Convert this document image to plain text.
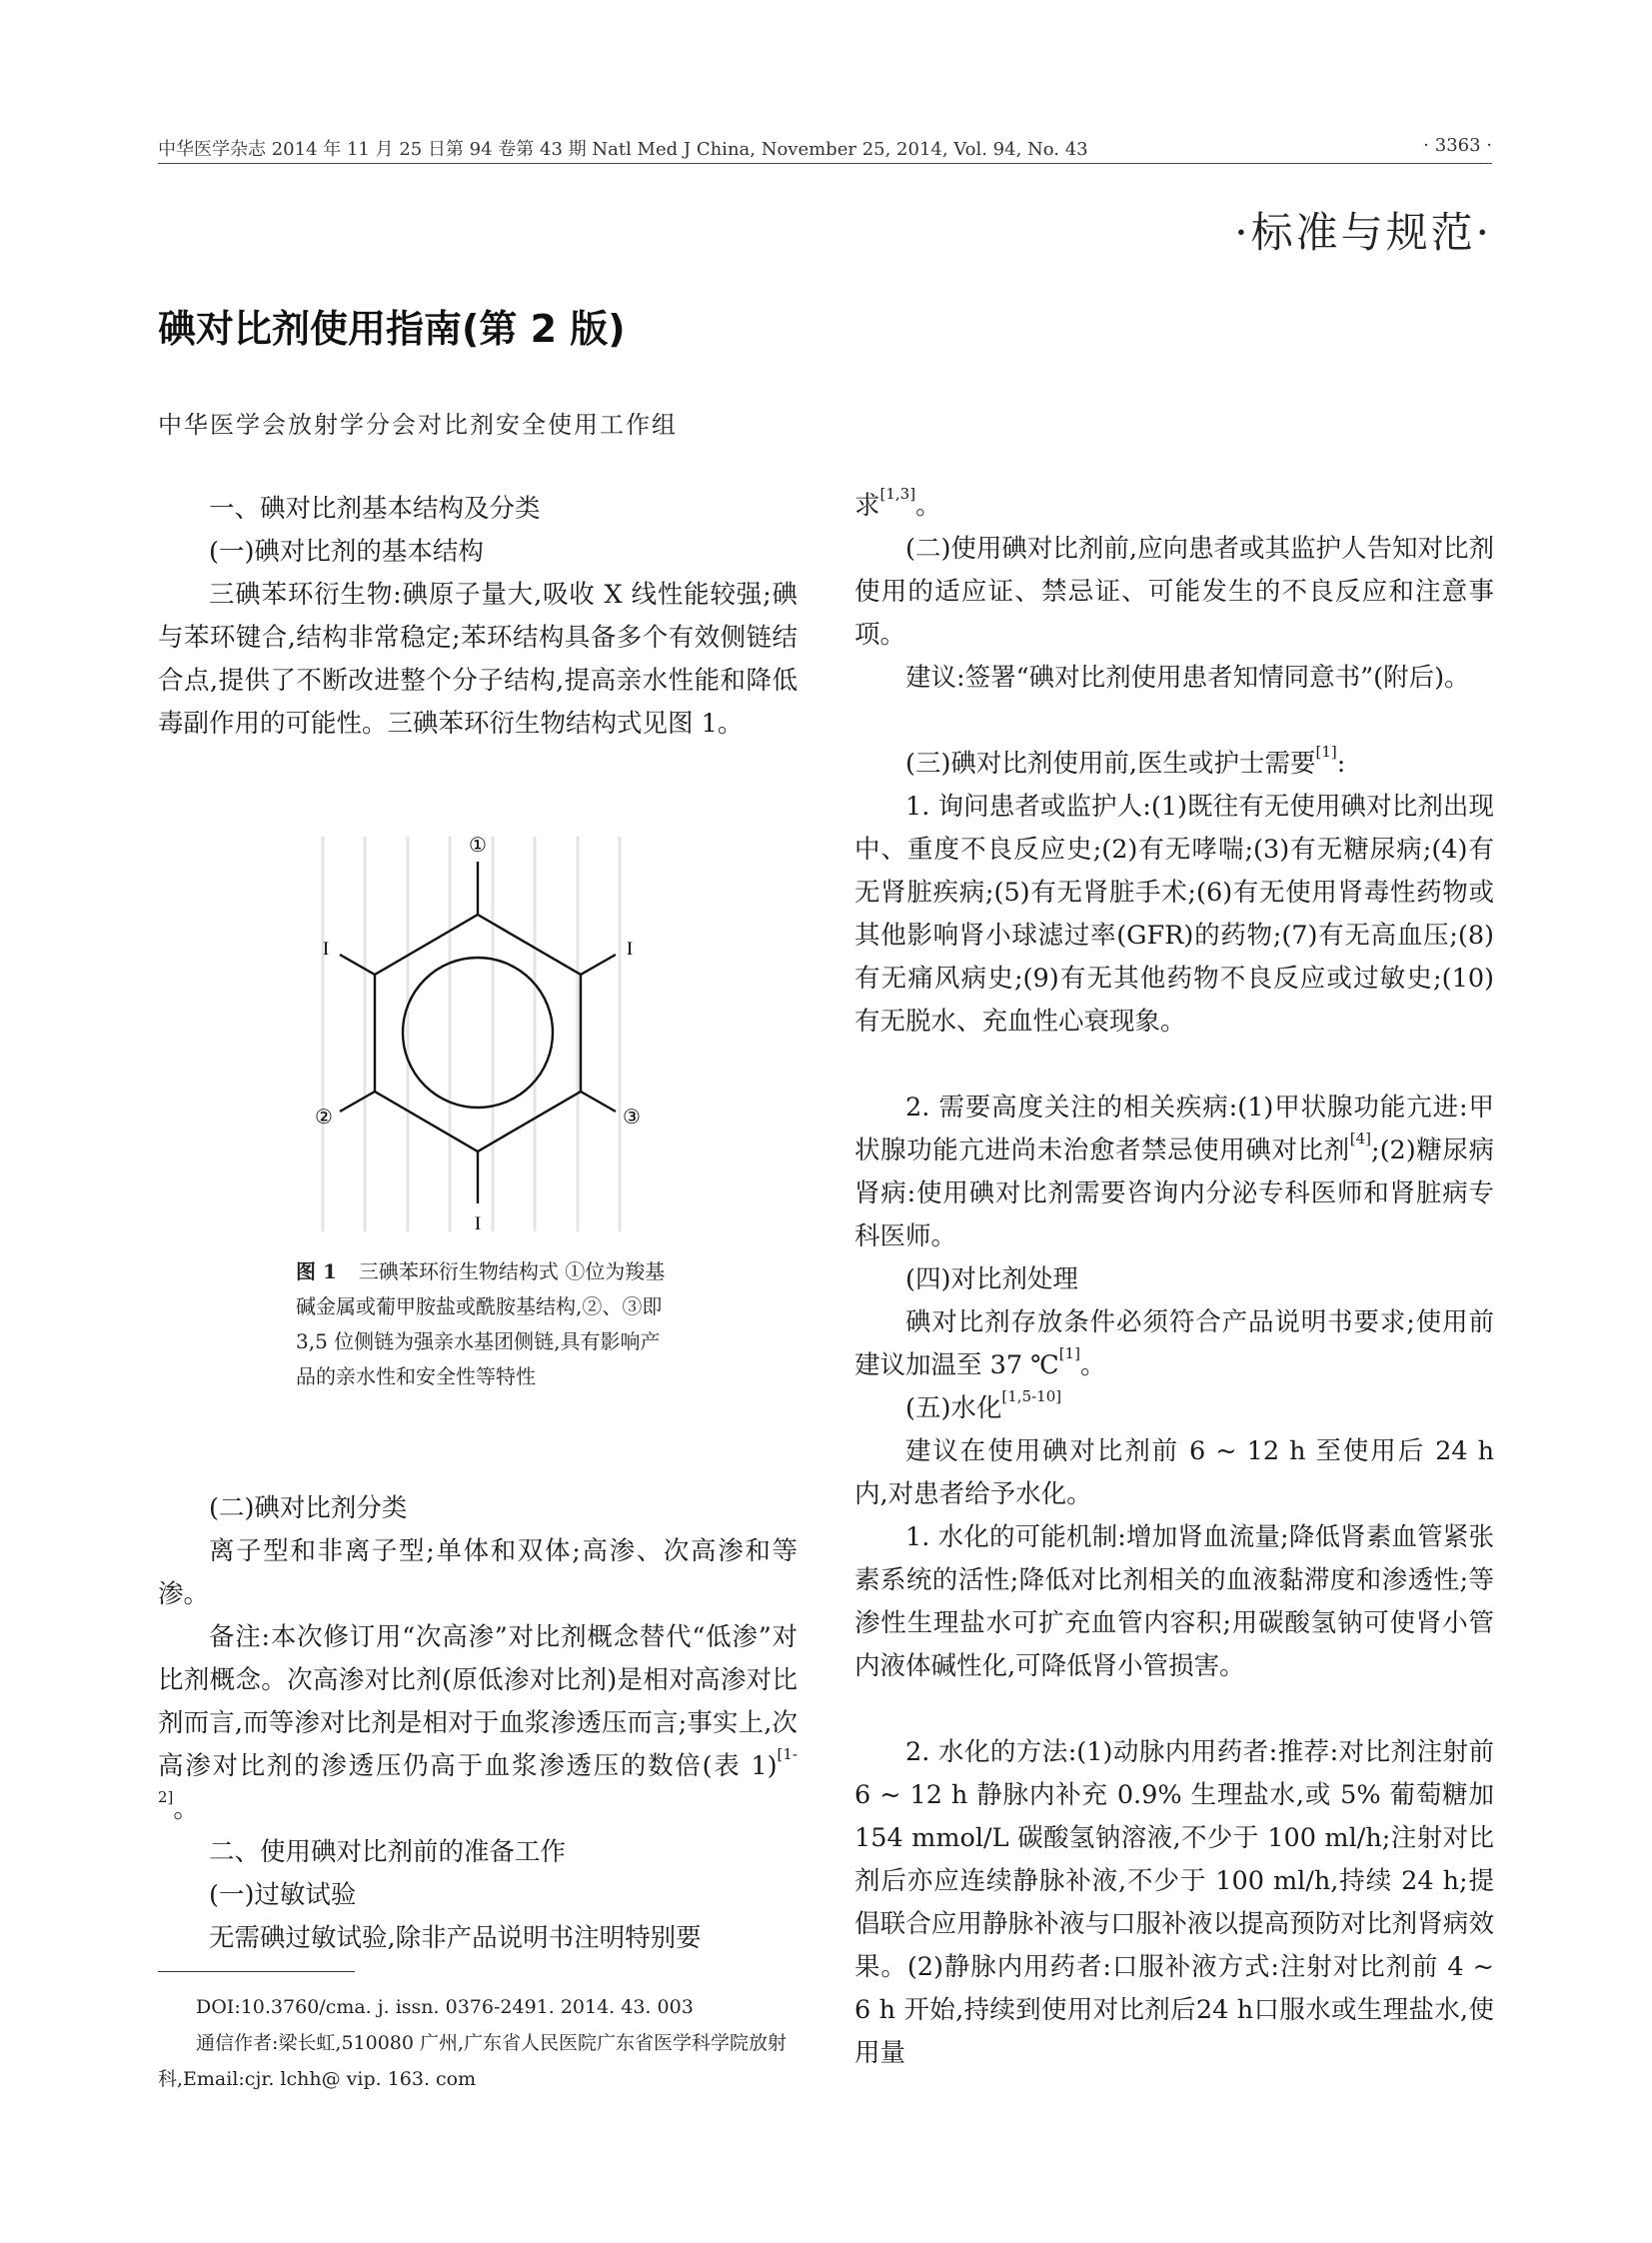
中华医学杂志 2014 年 11 月 25 日第 94 卷第 43 期 Natl Med J China, November 25, 2014, Vol. 94, No. 43	· 3363 ·
·标准与规范·
碘对比剂使用指南(第 2 版)
中华医学会放射学分会对比剂安全使用工作组
一、碘对比剂基本结构及分类
(一)碘对比剂的基本结构
三碘苯环衍生物:碘原子量大,吸收 X 线性能较强;碘与苯环键合,结构非常稳定;苯环结构具备多个有效侧链结合点,提供了不断改进整个分子结构,提高亲水性能和降低毒副作用的可能性。三碘苯环衍生物结构式见图 1。
①
I	I
②	③
I
图 1 三碘苯环衍生物结构式 ①位为羧基碱金属或葡甲胺盐或酰胺基结构,②、③即 3,5 位侧链为强亲水基团侧链,具有影响产品的亲水性和安全性等特性
(二)碘对比剂分类
离子型和非离子型;单体和双体;高渗、次高渗和等渗。
备注:本次修订用“次高渗”对比剂概念替代“低渗”对比剂概念。次高渗对比剂(原低渗对比剂)是相对高渗对比剂而言,而等渗对比剂是相对于血浆渗透压而言;事实上,次高渗对比剂的渗透压仍高于血浆渗透压的数倍(表 1)[1-2]。
二、使用碘对比剂前的准备工作
(一)过敏试验
无需碘过敏试验,除非产品说明书注明特别要
DOI:10.3760/cma. j. issn. 0376-2491. 2014. 43. 003
通信作者:梁长虹,510080 广州,广东省人民医院广东省医学科学院放射科,Email:cjr. lchh@ vip. 163. com
求[1,3]。
(二)使用碘对比剂前,应向患者或其监护人告知对比剂使用的适应证、禁忌证、可能发生的不良反应和注意事项。
建议:签署“碘对比剂使用患者知情同意书”(附后)。
(三)碘对比剂使用前,医生或护士需要[1]:
1. 询问患者或监护人:(1)既往有无使用碘对比剂出现中、重度不良反应史;(2)有无哮喘;(3)有无糖尿病;(4)有无肾脏疾病;(5)有无肾脏手术;(6)有无使用肾毒性药物或其他影响肾小球滤过率(GFR)的药物;(7)有无高血压;(8)有无痛风病史;(9)有无其他药物不良反应或过敏史;(10)有无脱水、充血性心衰现象。
2. 需要高度关注的相关疾病:(1)甲状腺功能亢进:甲状腺功能亢进尚未治愈者禁忌使用碘对比剂[4];(2)糖尿病肾病:使用碘对比剂需要咨询内分泌专科医师和肾脏病专科医师。
(四)对比剂处理
碘对比剂存放条件必须符合产品说明书要求;使用前建议加温至 37 ℃[1]。
(五)水化[1,5-10]
建议在使用碘对比剂前 6 ~ 12 h 至使用后 24 h 内,对患者给予水化。
1. 水化的可能机制:增加肾血流量;降低肾素血管紧张素系统的活性;降低对比剂相关的血液黏滞度和渗透性;等渗性生理盐水可扩充血管内容积;用碳酸氢钠可使肾小管内液体碱性化,可降低肾小管损害。
2. 水化的方法:(1)动脉内用药者:推荐:对比剂注射前 6 ~ 12 h 静脉内补充 0.9% 生理盐水,或 5% 葡萄糖加 154 mmol/L 碳酸氢钠溶液,不少于 100 ml/h;注射对比剂后亦应连续静脉补液,不少于 100 ml/h,持续 24 h;提倡联合应用静脉补液与口服补液以提高预防对比剂肾病效果。(2)静脉内用药者:口服补液方式:注射对比剂前 4 ~ 6 h 开始,持续到使用对比剂后24 h口服水或生理盐水,使用量
